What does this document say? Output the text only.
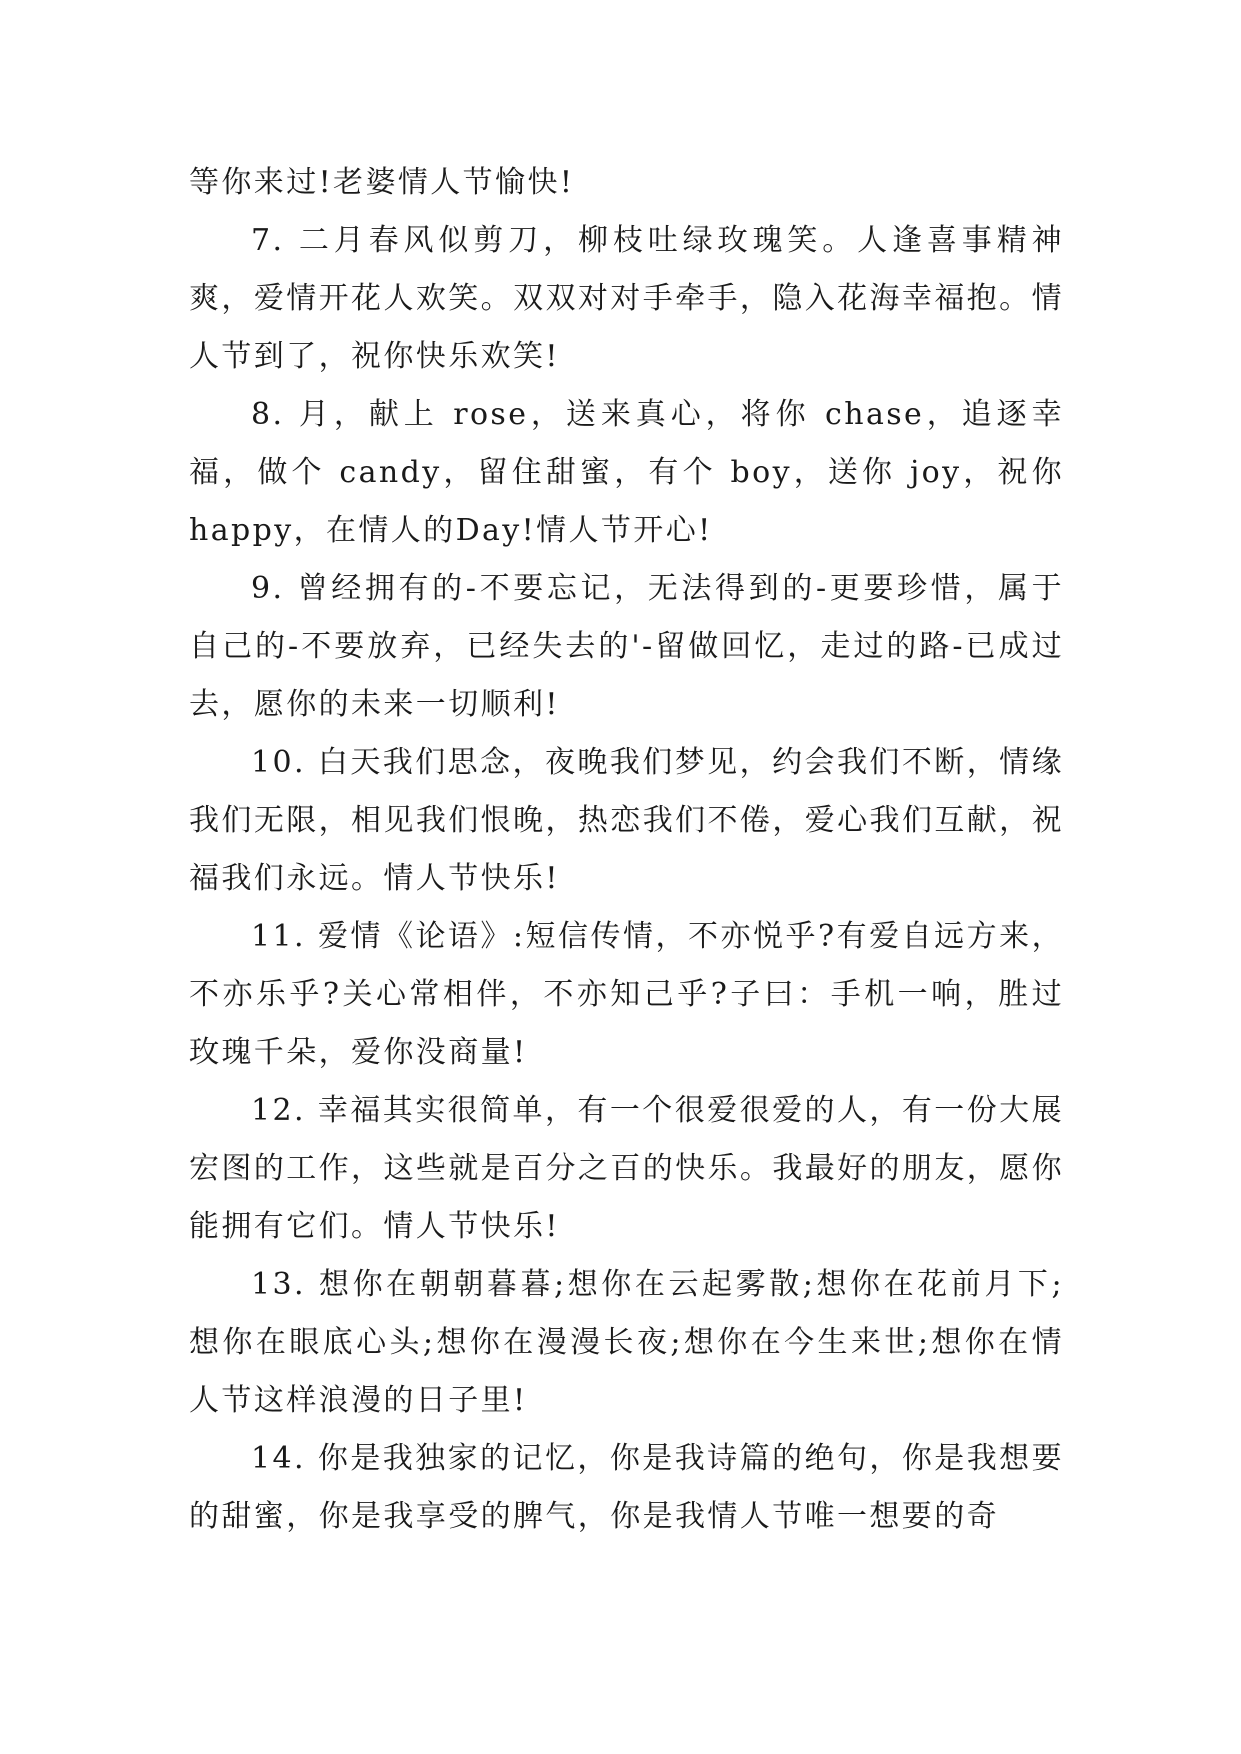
等你来过!老婆情人节愉快!

7. 二月春风似剪刀，柳枝吐绿玫瑰笑。人逢喜事精神爽，爱情开花人欢笑。双双对对手牵手，隐入花海幸福抱。情人节到了，祝你快乐欢笑!

8. 月，献上 rose，送来真心，将你 chase，追逐幸福，做个 candy，留住甜蜜，有个 boy，送你 joy，祝你 happy，在情人的Day!情人节开心!

9. 曾经拥有的-不要忘记，无法得到的-更要珍惜，属于自己的-不要放弃，已经失去的'-留做回忆，走过的路-已成过去，愿你的未来一切顺利!

10. 白天我们思念，夜晚我们梦见，约会我们不断，情缘我们无限，相见我们恨晚，热恋我们不倦，爱心我们互献，祝福我们永远。情人节快乐!

11. 爱情《论语》:短信传情，不亦悦乎?有爱自远方来，不亦乐乎?关心常相伴，不亦知己乎?子曰：手机一响，胜过玫瑰千朵，爱你没商量!

12. 幸福其实很简单，有一个很爱很爱的人，有一份大展宏图的工作，这些就是百分之百的快乐。我最好的朋友，愿你能拥有它们。情人节快乐!

13. 想你在朝朝暮暮;想你在云起雾散;想你在花前月下;想你在眼底心头;想你在漫漫长夜;想你在今生来世;想你在情人节这样浪漫的日子里!

14. 你是我独家的记忆，你是我诗篇的绝句，你是我想要的甜蜜，你是我享受的脾气，你是我情人节唯一想要的奇
